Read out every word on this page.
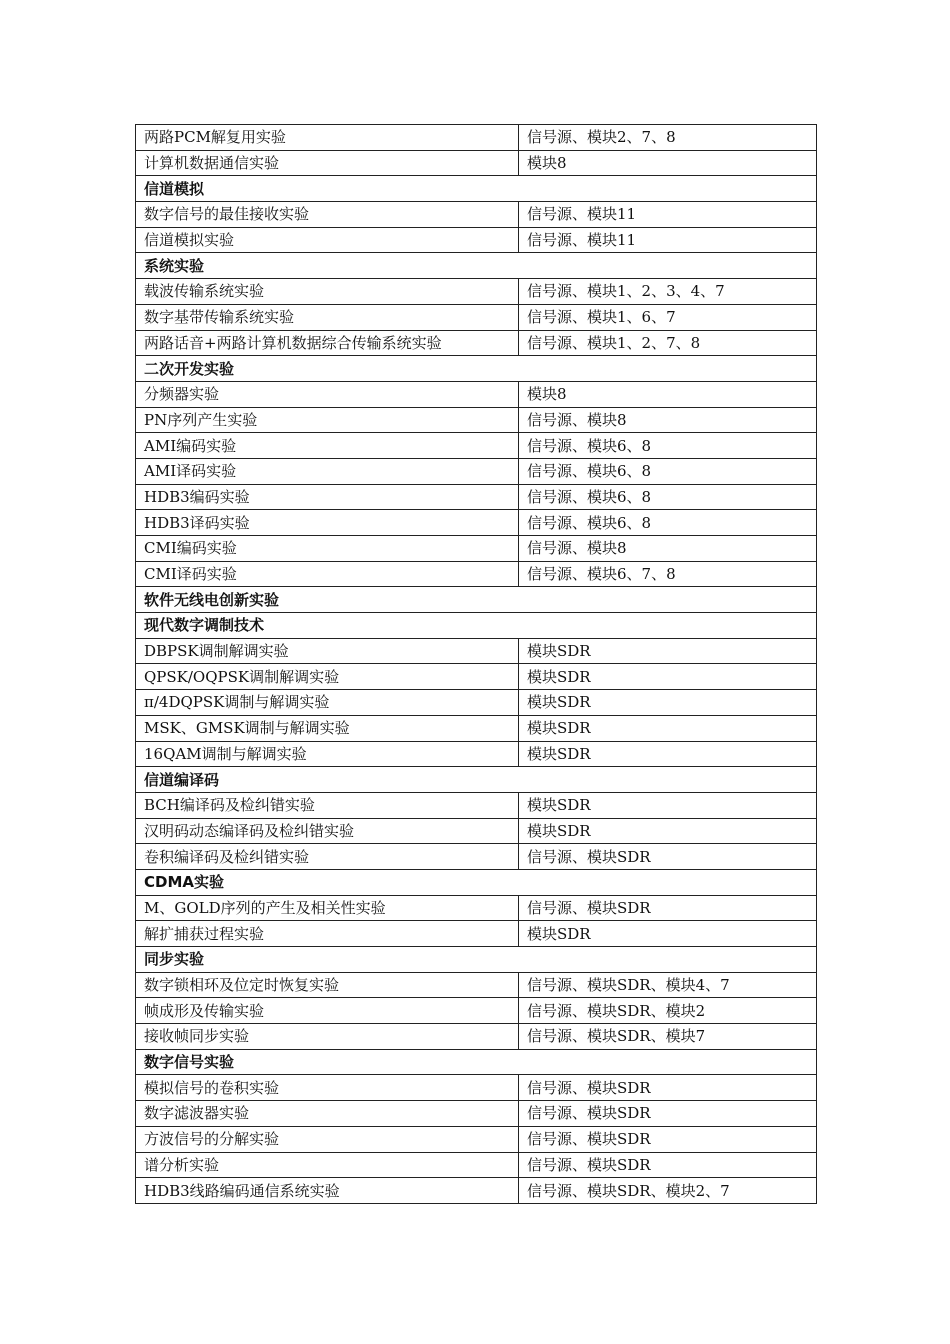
两路PCM解复用实验	信号源、模块2、7、8
计算机数据通信实验	模块8
信道模拟	
数字信号的最佳接收实验	信号源、模块11
信道模拟实验	信号源、模块11
系统实验	
载波传输系统实验	信号源、模块1、2、3、4、7
数字基带传输系统实验	信号源、模块1、6、7
两路话音+两路计算机数据综合传输系统实验	信号源、模块1、2、7、8
二次开发实验	
分频器实验	模块8
PN序列产生实验	信号源、模块8
AMI编码实验	信号源、模块6、8
AMI译码实验	信号源、模块6、8
HDB3编码实验	信号源、模块6、8
HDB3译码实验	信号源、模块6、8
CMI编码实验	信号源、模块8
CMI译码实验	信号源、模块6、7、8
软件无线电创新实验	
现代数字调制技术	
DBPSK调制解调实验	模块SDR
QPSK/OQPSK调制解调实验	模块SDR
π/4DQPSK调制与解调实验	模块SDR
MSK、GMSK调制与解调实验	模块SDR
16QAM调制与解调实验	模块SDR
信道编译码	
BCH编译码及检纠错实验	模块SDR
汉明码动态编译码及检纠错实验	模块SDR
卷积编译码及检纠错实验	信号源、模块SDR
CDMA实验	
M、GOLD序列的产生及相关性实验	信号源、模块SDR
解扩捕获过程实验	模块SDR
同步实验	
数字锁相环及位定时恢复实验	信号源、模块SDR、模块4、7
帧成形及传输实验	信号源、模块SDR、模块2
接收帧同步实验	信号源、模块SDR、模块7
数字信号实验	
模拟信号的卷积实验	信号源、模块SDR
数字滤波器实验	信号源、模块SDR
方波信号的分解实验	信号源、模块SDR
谱分析实验	信号源、模块SDR
HDB3线路编码通信系统实验	信号源、模块SDR、模块2、7
